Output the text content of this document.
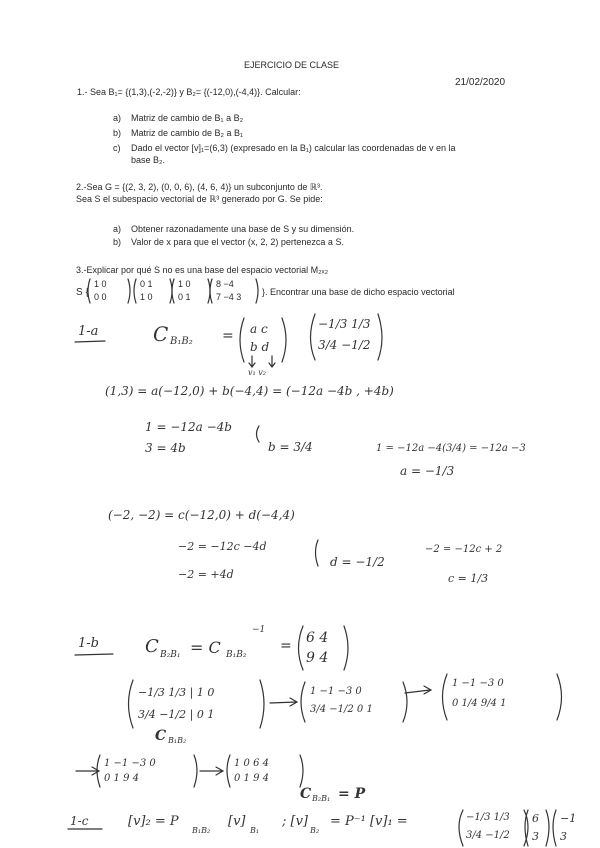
EJERCICIO DE CLASE
21/02/2020
1.- Sea B₁= {(1,3),(-2,-2)} y B₂= {(-12,0),(-4,4)}. Calcular:
a) Matriz de cambio de B₁ a B₂
b) Matriz de cambio de B₂ a B₁
c) Dado el vector [v]₁=(6,3) (expresado en la B₁) calcular las coordenadas de v en la
base B₂.
2.-Sea G = {(2, 3, 2), (0, 0, 6), (4, 6, 4)} un subconjunto de ℝ³.
Sea S el subespacio vectorial de ℝ³ generado por G. Se pide:
a) Obtener razonadamente una base de S y su dimensión.
b) Valor de x para que el vector (x, 2, 2) pertenezca a S.
3.-Explicar por qué S no es una base del espacio vectorial M₂ₓ₂
S {
1 0
0 0
0 1
1 0
1 0
0 1
8 −4
7 −4 3 }. Encontrar una base de dicho espacio vectorial
1-a	C B₁B₂ = a c
b d
−1/3 1/3
3/4 −1/2
v₁ v₂
(1,3) = a(−12,0) + b(−4,4) = (−12a −4b , +4b)
1 = −12a −4b
3 = 4b	b = 3/4	1 = −12a −4(3/4) = −12a −3
a = −1/3
(−2, −2) = c(−12,0) + d(−4,4)
−2 = −12c −4d
−2 = +4d
d = −1/2
−2 = −12c + 2
c = 1/3
1-b	C B₂B₁ = C B₁B₂
−1
= 6 4
9 4
−1/3 1/3 | 1 0
3/4 −1/2 | 0 1
C B₁B₂
1 −1 −3 0
3/4 −1/2 0 1
1 −1 −3 0
0 1/4 9/4 1
1 −1 −3 0
0 1 9 4
1 0 6 4
0 1 9 4
C B₂B₁ = P
1-c	[v]₂ = P
B₁B₂
[v]
B₁
; [v]
B₂
= P⁻¹ [v]₁ =	−1/3 1/3
3/4 −1/2
6
3
−1
3
